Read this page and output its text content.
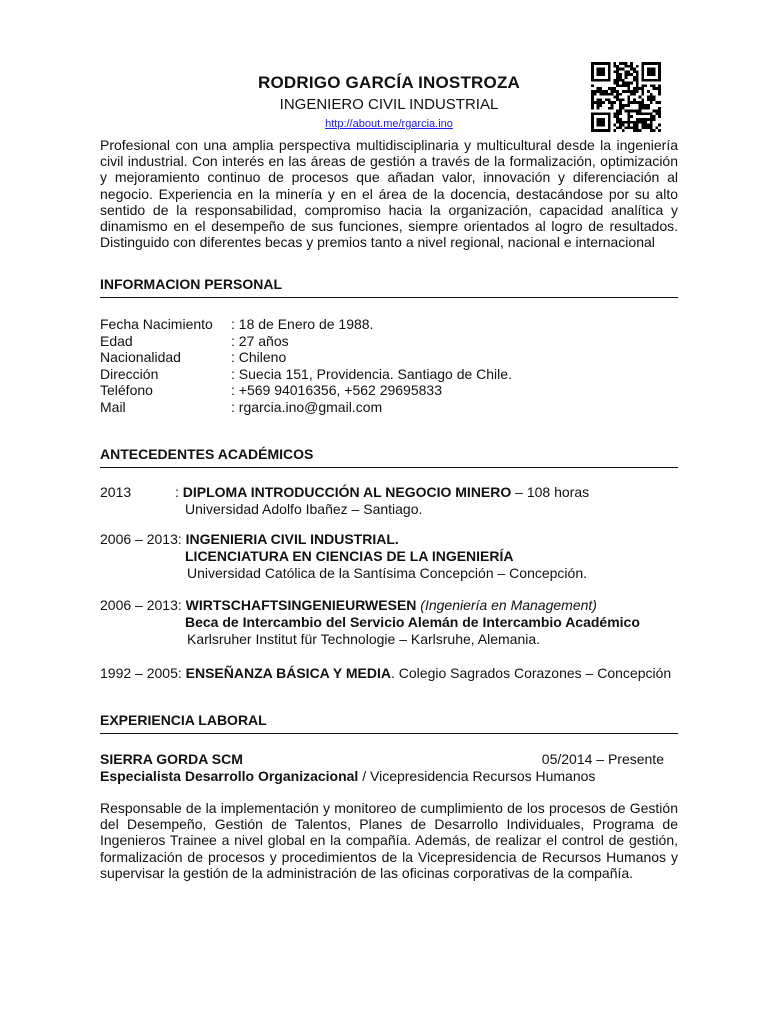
RODRIGO GARCÍA INOSTROZA
INGENIERO CIVIL INDUSTRIAL
http://about.me/rgarcia.ino

Profesional con una amplia perspectiva multidisciplinaria y multicultural desde la ingeniería civil industrial. Con interés en las áreas de gestión a través de la formalización, optimización y mejoramiento continuo de procesos que añadan valor, innovación y diferenciación al negocio. Experiencia en la minería y en el área de la docencia, destacándose por su alto sentido de la responsabilidad, compromiso hacia la organización, capacidad analítica y dinamismo en el desempeño de sus funciones, siempre orientados al logro de resultados. Distinguido con diferentes becas y premios tanto a nivel regional, nacional e internacional

INFORMACION PERSONAL
Fecha Nacimiento	: 18 de Enero de 1988.
Edad	: 27 años
Nacionalidad	: Chileno
Dirección	: Suecia 151, Providencia. Santiago de Chile.
Teléfono	: +569 94016356, +562 29695833
Mail	: rgarcia.ino@gmail.com
ANTECEDENTES ACADÉMICOS
2013	: DIPLOMA INTRODUCCIÓN AL NEGOCIO MINERO – 108 horas
Universidad Adolfo Ibañez – Santiago.
2006 – 2013: INGENIERIA CIVIL INDUSTRIAL.
LICENCIATURA EN CIENCIAS DE LA INGENIERÍA
Universidad Católica de la Santísima Concepción – Concepción.
2006 – 2013: WIRTSCHAFTSINGENIEURWESEN (Ingeniería en Management)
Beca de Intercambio del Servicio Alemán de Intercambio Académico
Karlsruher Institut für Technologie – Karlsruhe, Alemania.
1992 – 2005: ENSEÑANZA BÁSICA Y MEDIA. Colegio Sagrados Corazones – Concepción
EXPERIENCIA LABORAL
SIERRA GORDA SCM	05/2014 – Presente
Especialista Desarrollo Organizacional / Vicepresidencia Recursos Humanos

Responsable de la implementación y monitoreo de cumplimiento de los procesos de Gestión del Desempeño, Gestión de Talentos, Planes de Desarrollo Individuales, Programa de Ingenieros Trainee a nivel global en la compañía. Además, de realizar el control de gestión, formalización de procesos y procedimientos de la Vicepresidencia de Recursos Humanos y supervisar la gestión de la administración de las oficinas corporativas de la compañía.
